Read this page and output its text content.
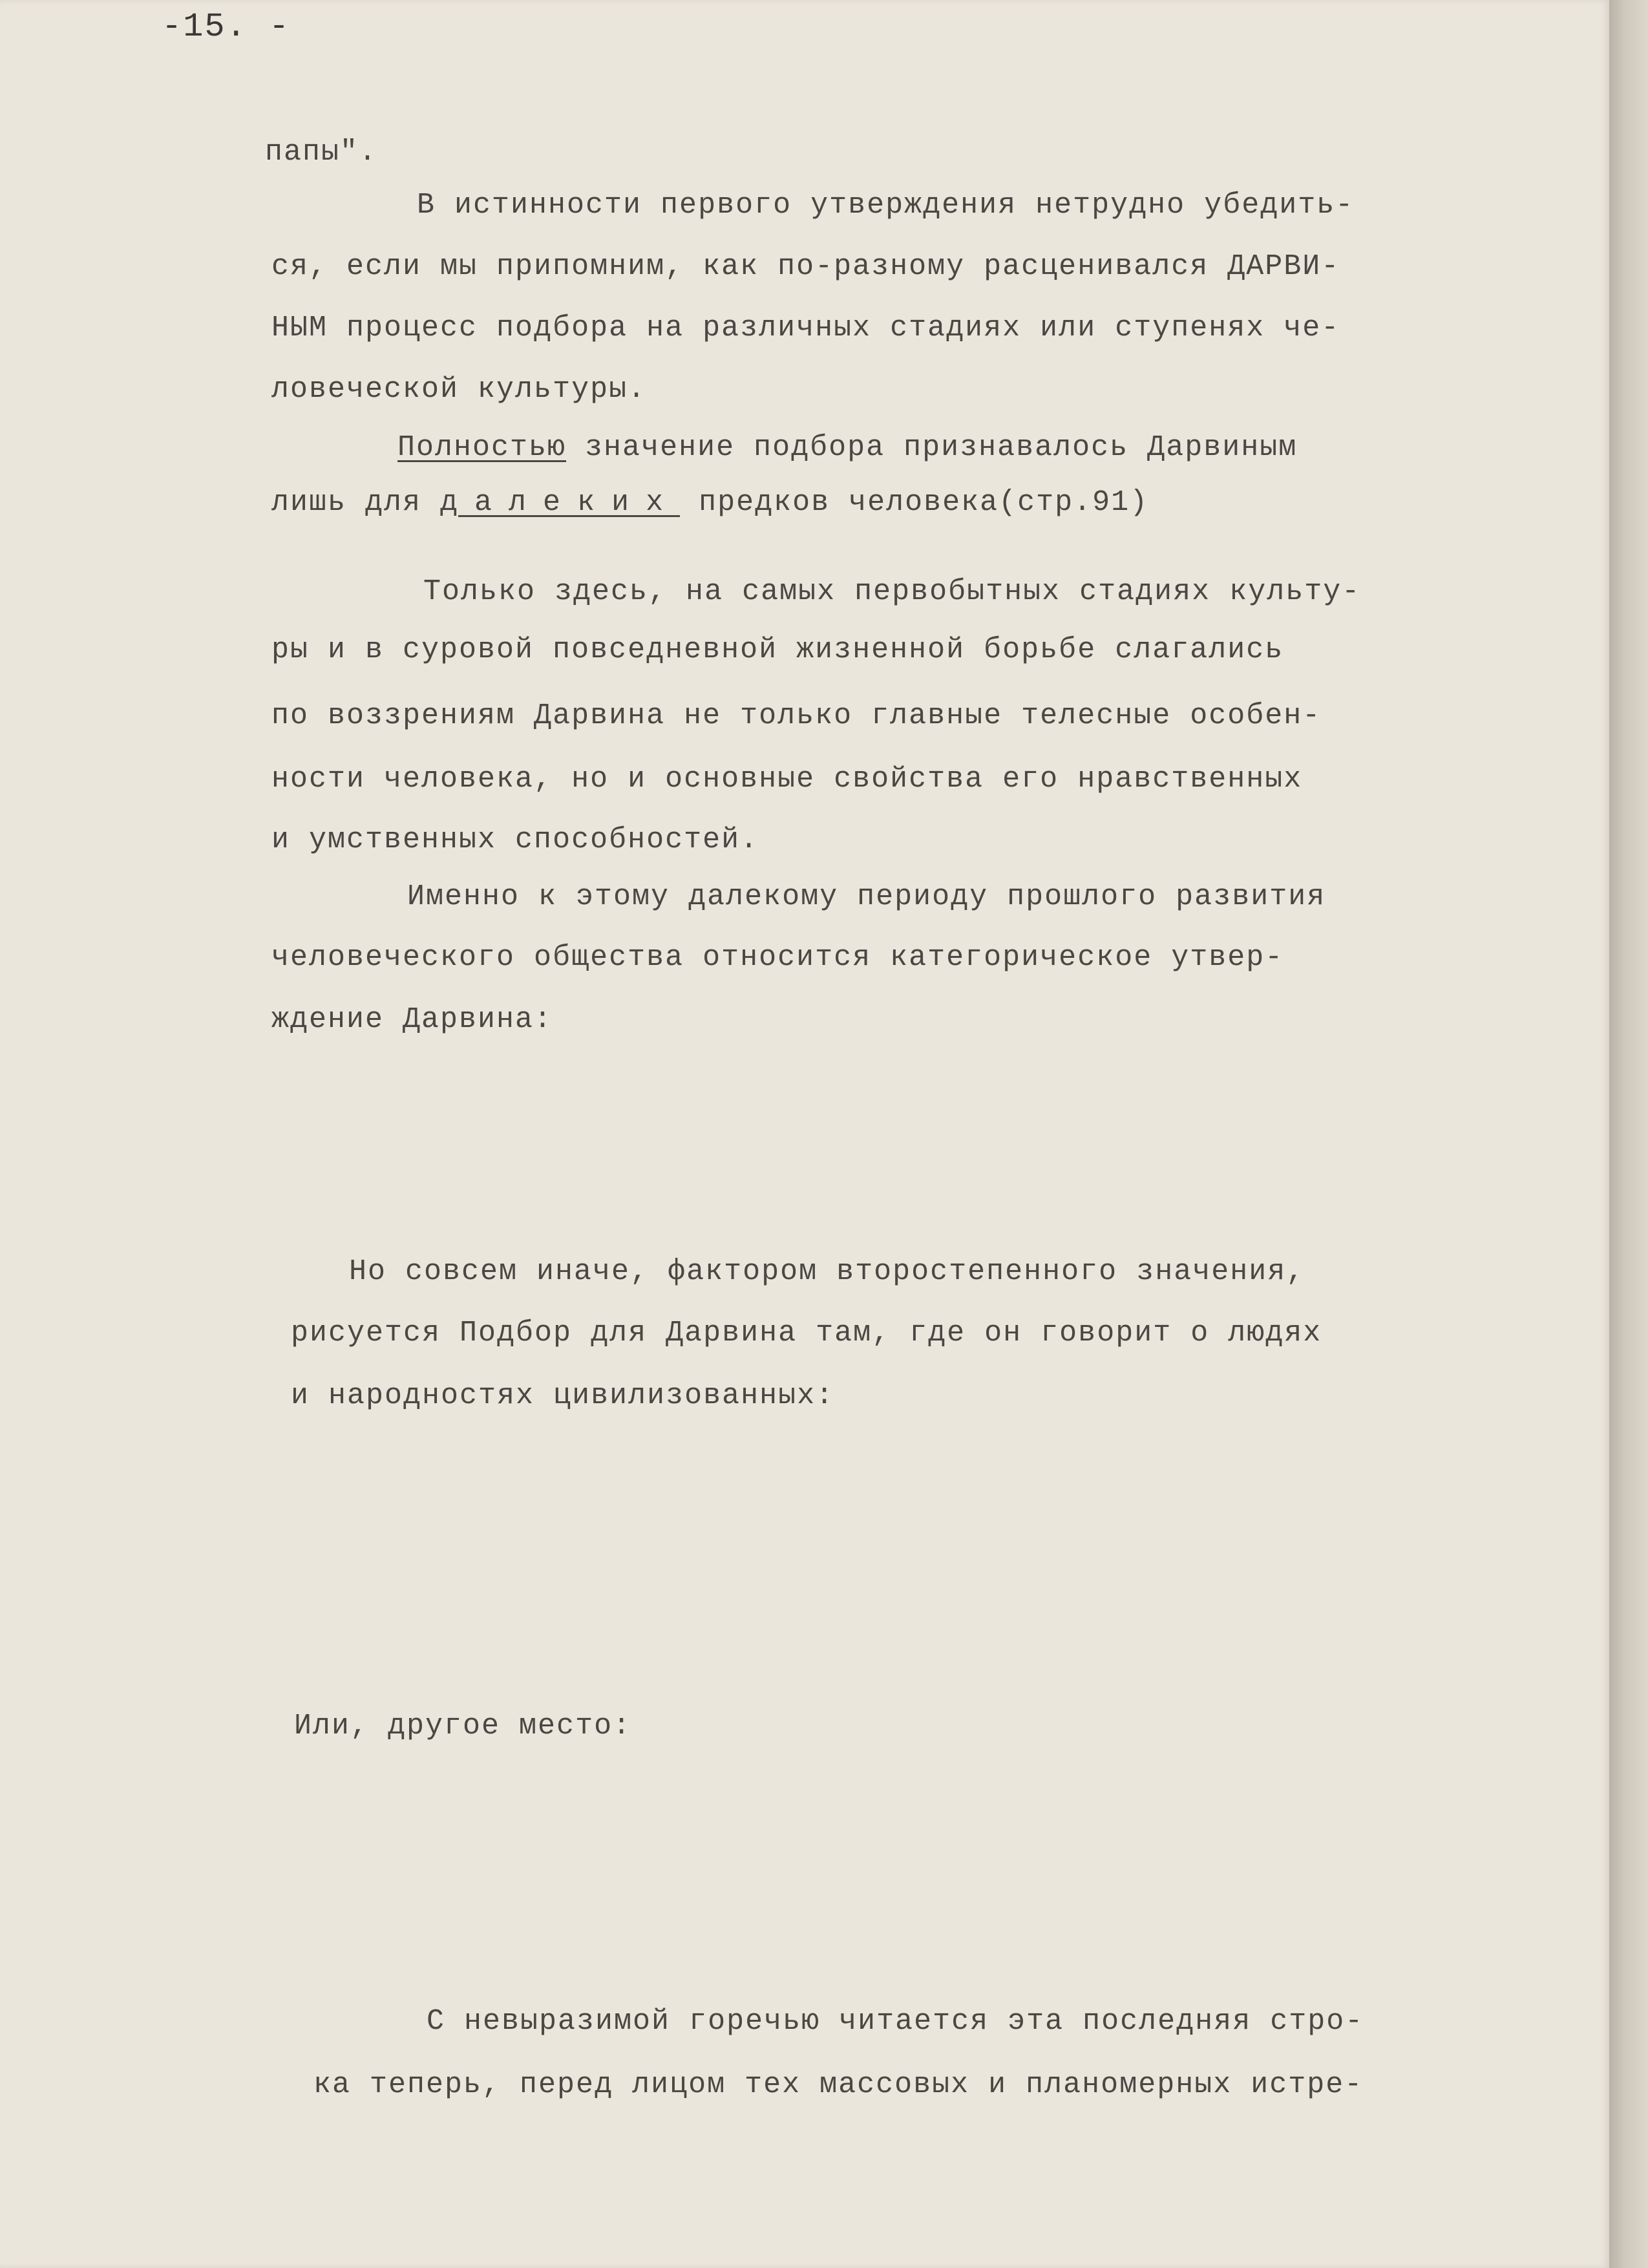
-15. -
папы".
В истинности первого утверждения нетрудно убедить-
ся, если мы припомним, как по-разному расценивался ДАРВИ-
НЫМ процесс подбора на различных стадиях или ступенях че-
ловеческой культуры.
Полностью значение подбора признавалось Дарвиным
лишь для далеких предков человека(стр.91)
Только здесь, на самых первобытных стадиях культу-
ры и в суровой повседневной жизненной борьбе слагались
по воззрениям Дарвина не только главные телесные особен-
ности человека, но и основные свойства его нравственных
и умственных способностей.
Именно к этому далекому периоду прошлого развития
человеческого общества относится категорическое утвер-
ждение Дарвина:
Но совсем иначе, фактором второстепенного значения,
рисуется Подбор для Дарвина там, где он говорит о людях
и народностях цивилизованных:
Или, другое место:
С невыразимой горечью читается эта последняя стро-
ка теперь, перед лицом тех массовых и планомерных истре-
